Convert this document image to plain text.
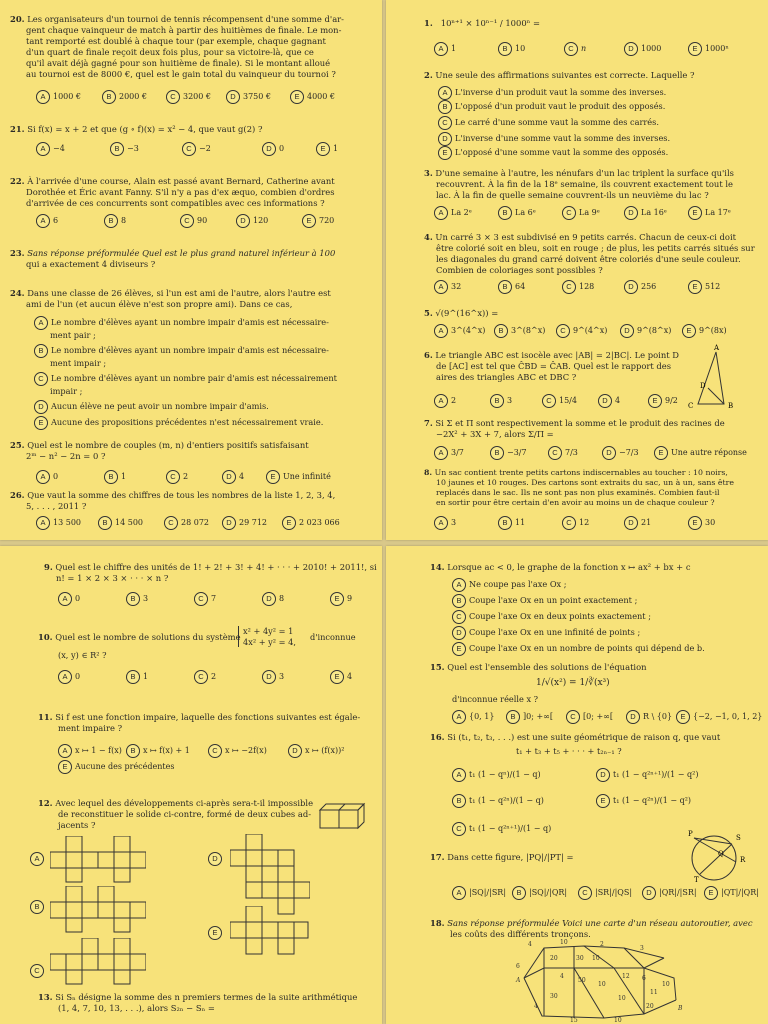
20. Les organisateurs d'un tournoi de tennis récompensent d'une somme d'ar-
gent chaque vainqueur de match à partir des huitièmes de finale. Le mon-
tant remporté est doublé à chaque tour (par exemple, chaque gagnant
d'un quart de finale reçoit deux fois plus, pour sa victoire-là, que ce
qu'il avait déjà gagné pour son huitième de finale). Si le montant alloué
au tournoi est de 8000 €, quel est le gain total du vainqueur du tournoi ?
A 1000 €	B 2000 €	C 3200 €	D 3750 €	E 4000 €
21. Si f(x) = x + 2 et que (g ∘ f)(x) = x² − 4, que vaut g(2) ?
A −4	B −3	C −2	D 0	E 1
22. À l'arrivée d'une course, Alain est passé avant Bernard, Catherine avant
Dorothée et Éric avant Fanny. S'il n'y a pas d'ex æquo, combien d'ordres
d'arrivée de ces concurrents sont compatibles avec ces informations ?
A 6	B 8	C 90	D 120	E 720
23. Sans réponse préformulée Quel est le plus grand naturel inférieur à 100
qui a exactement 4 diviseurs ?
24. Dans une classe de 26 élèves, si l'un est ami de l'autre, alors l'autre est
ami de l'un (et aucun élève n'est son propre ami). Dans ce cas,
A Le nombre d'élèves ayant un nombre impair d'amis est nécessaire-
ment pair ;
B Le nombre d'élèves ayant un nombre impair d'amis est nécessaire-
ment impair ;
C Le nombre d'élèves ayant un nombre pair d'amis est nécessairement
impair ;
D Aucun élève ne peut avoir un nombre impair d'amis.
E Aucune des propositions précédentes n'est nécessairement vraie.
25. Quel est le nombre de couples (m, n) d'entiers positifs satisfaisant
2ᵐ − n² − 2n = 0 ?
A 0	B 1	C 2	D 4	E Une infinité
26. Que vaut la somme des chiffres de tous les nombres de la liste 1, 2, 3, 4,
5, . . . , 2011 ?
A 13 500	B 14 500	C 28 072	D 29 712	E 2 023 066
1. 10ⁿ⁺¹ × 10ⁿ⁻¹ / 1000ⁿ =
A 1	B 10	C n	D 1000	E 1000ⁿ
2. Une seule des affirmations suivantes est correcte. Laquelle ?
A L'inverse d'un produit vaut la somme des inverses.
B L'opposé d'un produit vaut le produit des opposés.
C Le carré d'une somme vaut la somme des carrés.
D L'inverse d'une somme vaut la somme des inverses.
E L'opposé d'une somme vaut la somme des opposés.
3. D'une semaine à l'autre, les nénufars d'un lac triplent la surface qu'ils
recouvrent. À la fin de la 18ᵉ semaine, ils couvrent exactement tout le
lac. À la fin de quelle semaine couvrent-ils un neuvième du lac ?
A La 2ᵉ	B La 6ᵉ	C La 9ᵉ	D La 16ᵉ	E La 17ᵉ
4. Un carré 3 × 3 est subdivisé en 9 petits carrés. Chacun de ceux-ci doit
être colorié soit en bleu, soit en rouge ; de plus, les petits carrés situés sur
les diagonales du grand carré doivent être coloriés d'une seule couleur.
Combien de coloriages sont possibles ?
A 32	B 64	C 128	D 256	E 512
5. √(9^(16^x)) =
A 3^(4^x)	B 3^(8^x)	C 9^(4^x)	D 9^(8^x)	E 9^(8x)
6. Le triangle ABC est isocèle avec |AB| = 2|BC|. Le point D
de [AC] est tel que ĈBD = ĈAB. Quel est le rapport des
aires des triangles ABC et DBC ?
A
D
C	B
A 2	B 3	C 15/4	D 4	E 9/2
7. Si Σ et Π sont respectivement la somme et le produit des racines de
−2X² + 3X + 7, alors Σ/Π =
A 3/7	B −3/7	C 7/3	D −7/3	E Une autre réponse
8. Un sac contient trente petits cartons indiscernables au toucher : 10 noirs,
10 jaunes et 10 rouges. Des cartons sont extraits du sac, un à un, sans être
replacés dans le sac. Ils ne sont pas non plus examinés. Combien faut-il
en sortir pour être certain d'en avoir au moins un de chaque couleur ?
A 3	B 11	C 12	D 21	E 30
9. Quel est le chiffre des unités de 1! + 2! + 3! + 4! + · · · + 2010! + 2011!, si
n! = 1 × 2 × 3 × · · · × n ?
A 0	B 3	C 7	D 8	E 9
10. Quel est le nombre de solutions du système
x² + 4y² = 1
4x² + y² = 4, d'inconnue
(x, y) ∈ R² ?
A 0	B 1	C 2	D 3	E 4
11. Si f est une fonction impaire, laquelle des fonctions suivantes est égale-
ment impaire ?
A x ↦ 1 − f(x)	B x ↦ f(x) + 1	C x ↦ −2f(x)	D x ↦ (f(x))²
E Aucune des précédentes
12. Avec lequel des développements ci-après sera-t-il impossible
de reconstituer le solide ci-contre, formé de deux cubes ad-
jacents ?
A	D
B
E
C
13. Si Sₙ désigne la somme des n premiers termes de la suite arithmétique
(1, 4, 7, 10, 13, . . .), alors S₂ₙ − Sₙ =
14. Lorsque ac < 0, le graphe de la fonction x ↦ ax² + bx + c
A Ne coupe pas l'axe Ox ;
B Coupe l'axe Ox en un point exactement ;
C Coupe l'axe Ox en deux points exactement ;
D Coupe l'axe Ox en une infinité de points ;
E Coupe l'axe Ox en un nombre de points qui dépend de b.
15. Quel est l'ensemble des solutions de l'équation
1/√(x²) = 1/∛(x³)
d'inconnue réelle x ?
A {0, 1}	B ]0; +∞[	C [0; +∞[	D R \ {0}	E {−2, −1, 0, 1, 2}
16. Si (t₁, t₂, t₃, . . .) est une suite géométrique de raison q, que vaut
t₁ + t₃ + t₅ + · · · + t₂ₙ₋₁ ?
A t₁ (1 − qⁿ)/(1 − q)	D t₁ (1 − q²ⁿ⁺¹)/(1 − q²)
B t₁ (1 − q²ⁿ)/(1 − q)	E t₁ (1 − q²ⁿ)/(1 − q²)
C t₁ (1 − q²ⁿ⁺¹)/(1 − q)
17. Dans cette figure, |PQ|/|PT| =
P	S
R
Q
T
A |SQ|/|SR|	B |SQ|/|QR|	C |SR|/|QS|	D |QR|/|SR|	E |QT|/|QR|
18. Sans réponse préformulée Voici une carte d'un réseau autoroutier, avec
les coûts des différents tronçons.
4	10	2
3
20	30 10
12 6
6
4
50
10
11
10
30	10
20
4
15	10
A
B
